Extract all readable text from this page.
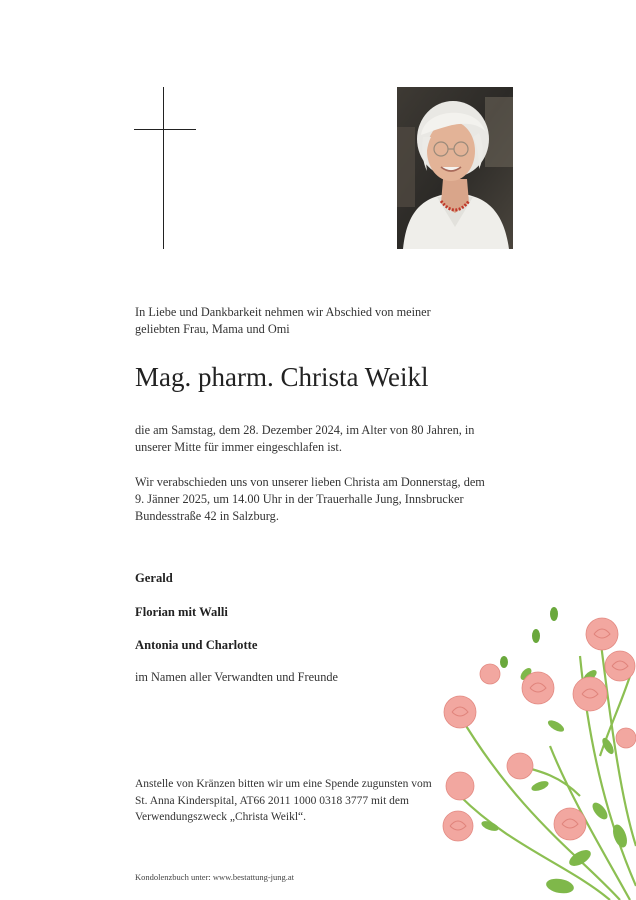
In Liebe und Dankbarkeit nehmen wir Abschied von meiner geliebten Frau, Mama und Omi
Mag. pharm. Christa Weikl
die am Samstag, dem 28. Dezember 2024, im Alter von 80 Jahren, in unserer Mitte für immer eingeschlafen ist.
Wir verabschieden uns von unserer lieben Christa am Donnerstag, dem 9. Jänner 2025, um 14.00 Uhr in der Trauerhalle Jung, Innsbrucker Bundesstraße 42 in Salzburg.
Gerald
Florian mit Walli
Antonia und Charlotte
im Namen aller Verwandten und Freunde
Anstelle von Kränzen bitten wir um eine Spende zugunsten vom St. Anna Kinderspital, AT66 2011 1000 0318 3777 mit dem Verwendungszweck „Christa Weikl“.
Kondolenzbuch unter: www.bestattung-jung.at
